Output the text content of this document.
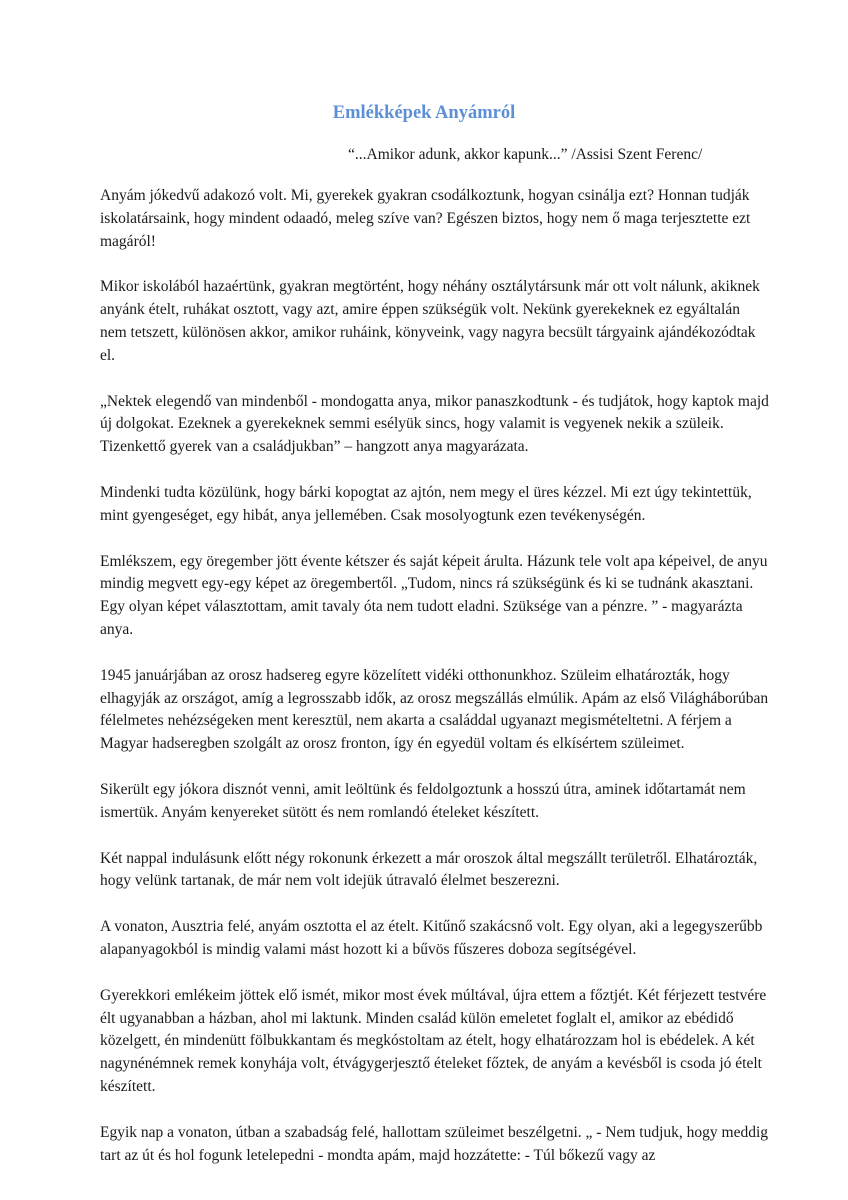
Emlékképek Anyámról

“...Amikor adunk, akkor kapunk...” /Assisi Szent Ferenc/

Anyám jókedvű adakozó volt. Mi, gyerekek gyakran csodálkoztunk, hogyan csinálja ezt? Honnan tudják iskolatársaink, hogy mindent odaadó, meleg szíve van? Egészen biztos, hogy nem ő maga terjesztette ezt magáról!

Mikor iskolából hazaértünk, gyakran megtörtént, hogy néhány osztálytársunk már ott volt nálunk, akiknek anyánk ételt, ruhákat osztott, vagy azt, amire éppen szükségük volt. Nekünk gyerekeknek ez egyáltalán nem tetszett, különösen akkor, amikor ruháink, könyveink, vagy nagyra becsült tárgyaink ajándékozódtak el.

„Nektek elegendő van mindenből - mondogatta anya, mikor panaszkodtunk - és tudjátok, hogy kaptok majd új dolgokat. Ezeknek a gyerekeknek semmi esélyük sincs, hogy valamit is vegyenek nekik a szüleik. Tizenkettő gyerek van a családjukban” – hangzott anya magyarázata.

Mindenki tudta közülünk, hogy bárki kopogtat az ajtón, nem megy el üres kézzel. Mi ezt úgy tekintettük, mint gyengeséget, egy hibát, anya jellemében. Csak mosolyogtunk ezen tevékenységén.

Emlékszem, egy öregember jött évente kétszer és saját képeit árulta. Házunk tele volt apa képeivel, de anyu mindig megvett egy-egy képet az öregembertől. „Tudom, nincs rá szükségünk és ki se tudnánk akasztani. Egy olyan képet választottam, amit tavaly óta nem tudott eladni. Szüksége van a pénzre. ” - magyarázta anya.

1945 januárjában az orosz hadsereg egyre közelített vidéki otthonunkhoz. Szüleim elhatározták, hogy elhagyják az országot, amíg a legrosszabb idők, az orosz megszállás elmúlik. Apám az első Világháborúban félelmetes nehézségeken ment keresztül, nem akarta a családdal ugyanazt megismételtetni. A férjem a Magyar hadseregben szolgált az orosz fronton, így én egyedül voltam és elkísértem szüleimet.

Sikerült egy jókora disznót venni, amit leöltünk és feldolgoztunk a hosszú útra, aminek időtartamát nem ismertük. Anyám kenyereket sütött és nem romlandó ételeket készített.

Két nappal indulásunk előtt négy rokonunk érkezett a már oroszok által megszállt területről. Elhatározták, hogy velünk tartanak, de már nem volt idejük útravaló élelmet beszerezni.

A vonaton, Ausztria felé, anyám osztotta el az ételt. Kitűnő szakácsnő volt. Egy olyan, aki a legegyszerűbb alapanyagokból is mindig valami mást hozott ki a bűvös fűszeres doboza segítségével.

Gyerekkori emlékeim jöttek elő ismét, mikor most évek múltával, újra ettem a főztjét. Két férjezett testvére élt ugyanabban a házban, ahol mi laktunk. Minden család külön emeletet foglalt el, amikor az ebédidő közelgett, én mindenütt fölbukkantam és megkóstoltam az ételt, hogy elhatározzam hol is ebédelek. A két nagynénémnek remek konyhája volt, étvágygerjesztő ételeket főztek, de anyám a kevésből is csoda jó ételt készített.

Egyik nap a vonaton, útban a szabadság felé, hallottam szüleimet beszélgetni. „ - Nem tudjuk, hogy meddig tart az út és hol fogunk letelepedni - mondta apám, majd hozzátette: - Túl bőkezű vagy az
